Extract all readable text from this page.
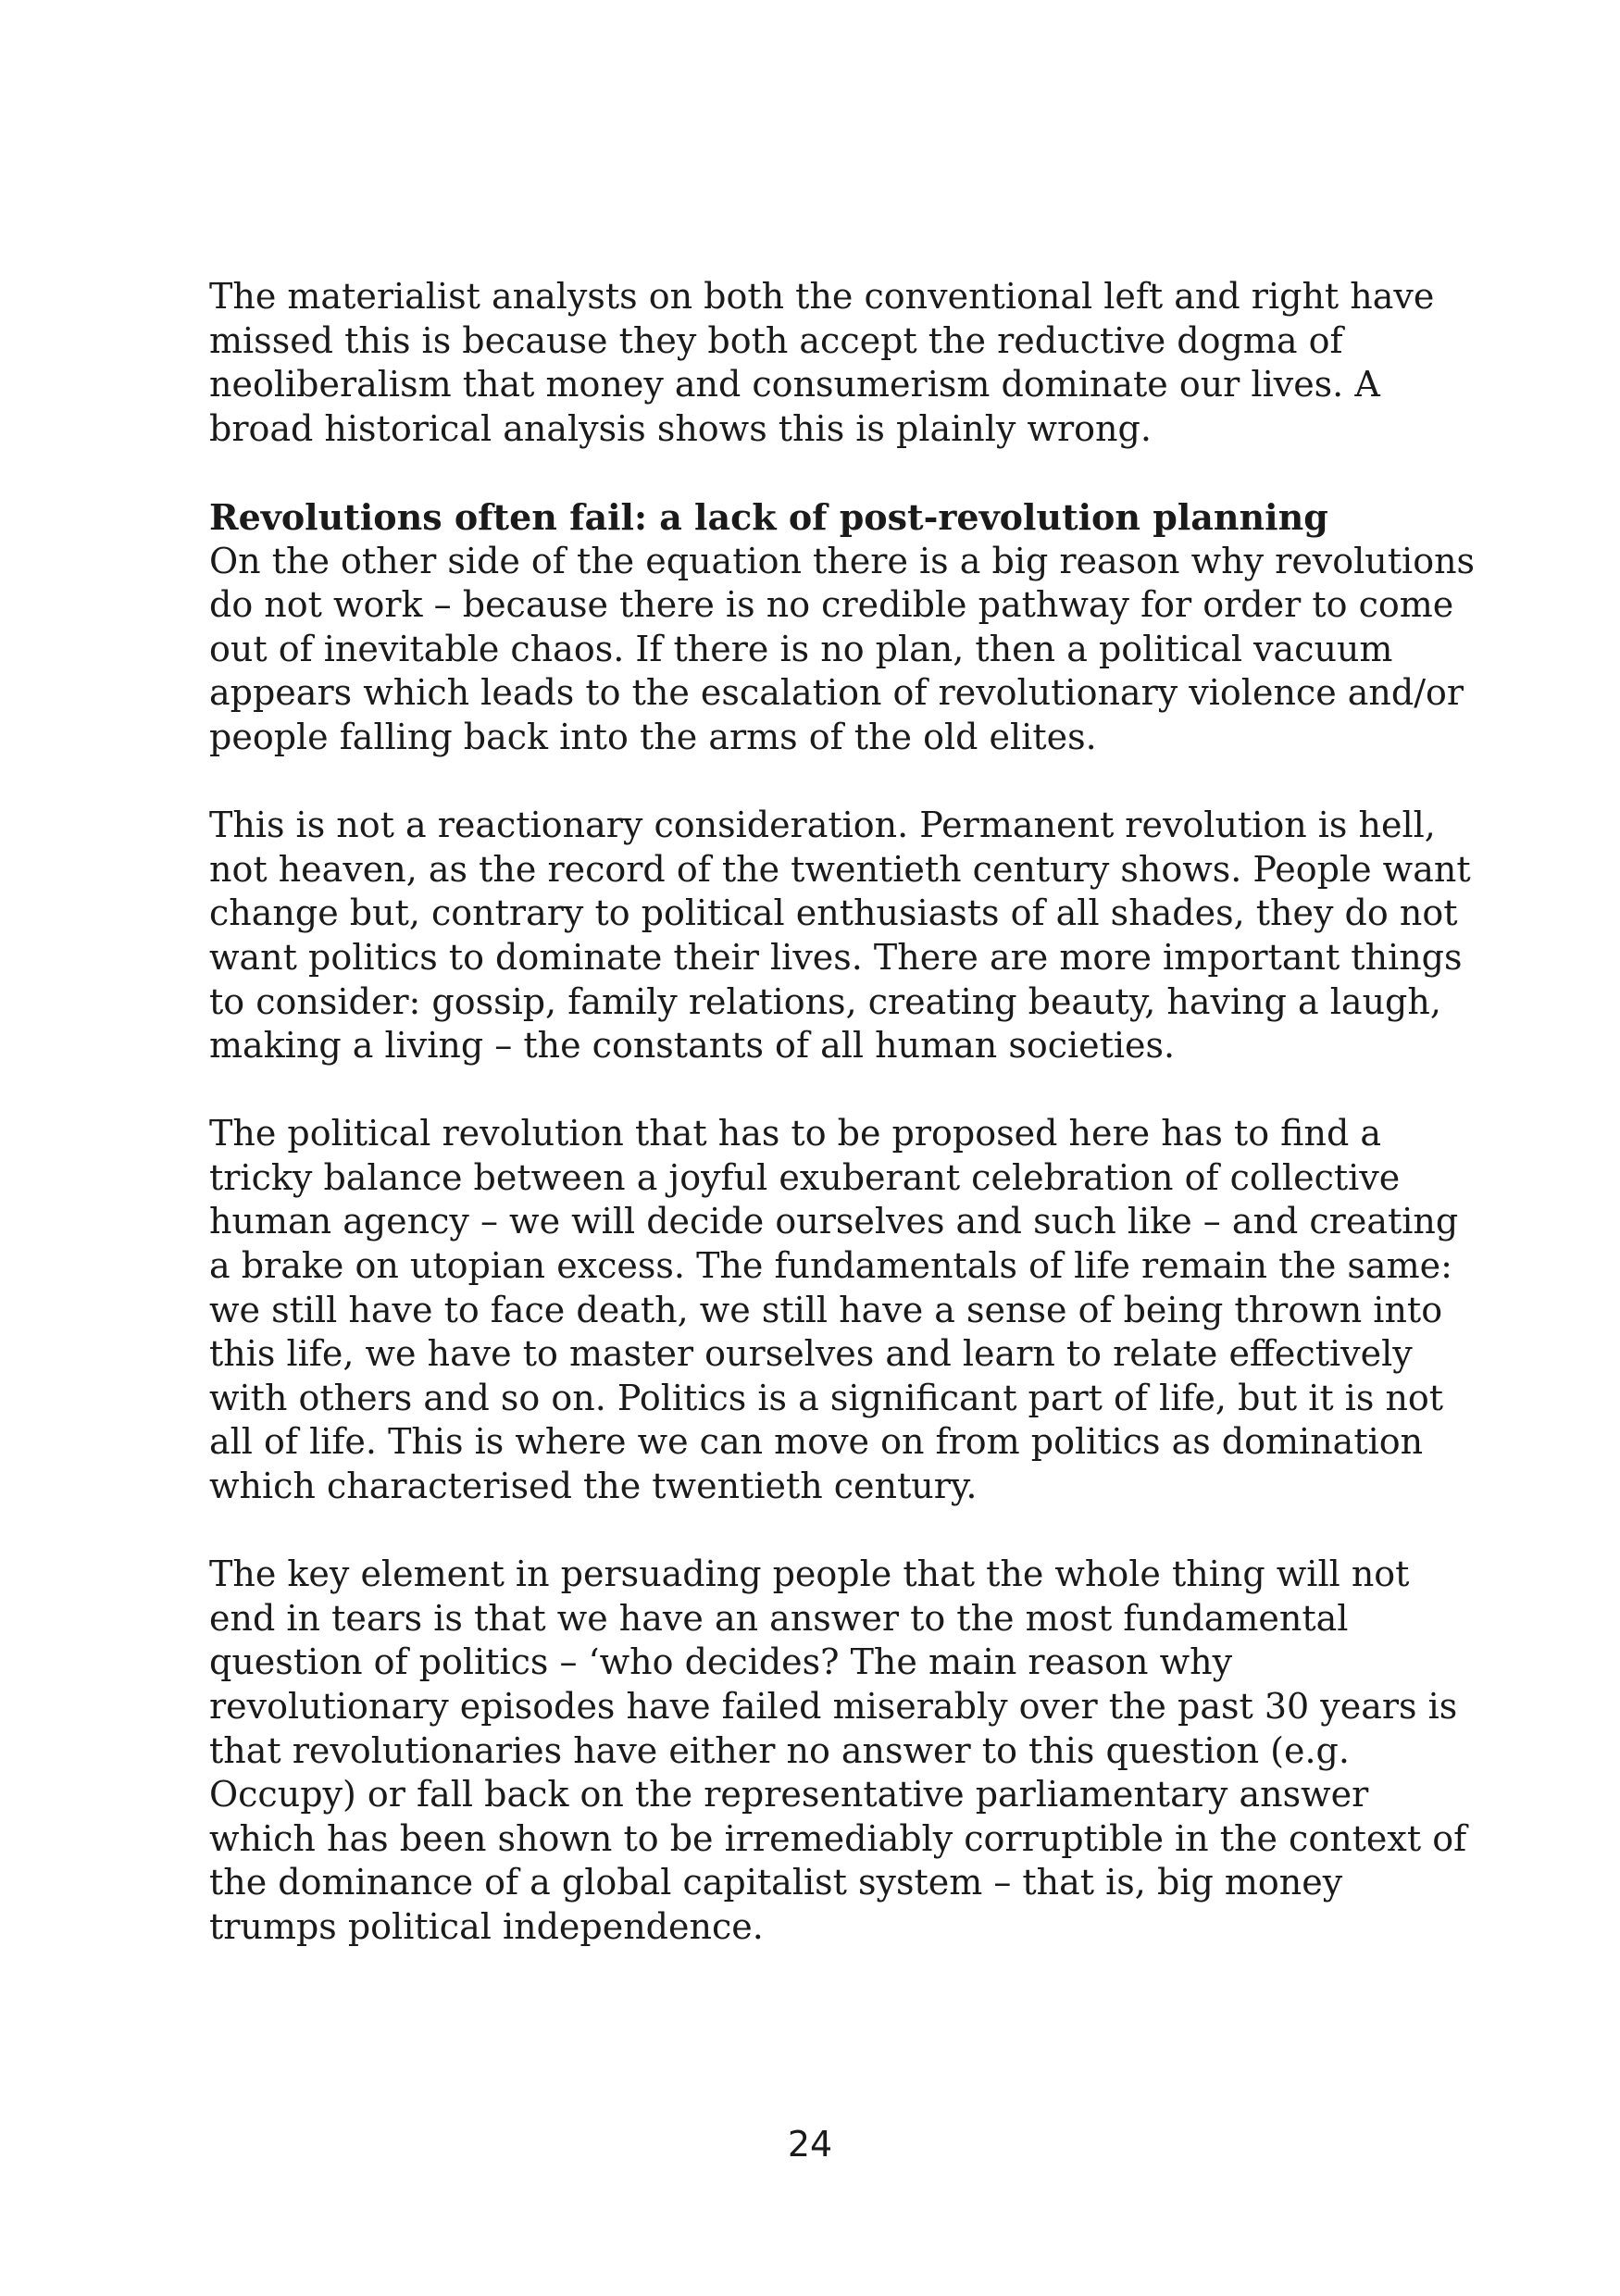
The materialist analysts on both the conventional left and right have
missed this is because they both accept the reductive dogma of
neoliberalism that money and consumerism dominate our lives. A
broad historical analysis shows this is plainly wrong.
Revolutions often fail: a lack of post-revolution planning
On the other side of the equation there is a big reason why revolutions
do not work – because there is no credible pathway for order to come
out of inevitable chaos. If there is no plan, then a political vacuum
appears which leads to the escalation of revolutionary violence and/or
people falling back into the arms of the old elites.
This is not a reactionary consideration. Permanent revolution is hell,
not heaven, as the record of the twentieth century shows. People want
change but, contrary to political enthusiasts of all shades, they do not
want politics to dominate their lives. There are more important things
to consider: gossip, family relations, creating beauty, having a laugh,
making a living – the constants of all human societies.
The political revolution that has to be proposed here has to find a
tricky balance between a joyful exuberant celebration of collective
human agency – we will decide ourselves and such like – and creating
a brake on utopian excess. The fundamentals of life remain the same:
we still have to face death, we still have a sense of being thrown into
this life, we have to master ourselves and learn to relate effectively
with others and so on. Politics is a significant part of life, but it is not
all of life. This is where we can move on from politics as domination
which characterised the twentieth century.
The key element in persuading people that the whole thing will not
end in tears is that we have an answer to the most fundamental
question of politics – ‘who decides? The main reason why
revolutionary episodes have failed miserably over the past 30 years is
that revolutionaries have either no answer to this question (e.g.
Occupy) or fall back on the representative parliamentary answer
which has been shown to be irremediably corruptible in the context of
the dominance of a global capitalist system – that is, big money
trumps political independence.
24
